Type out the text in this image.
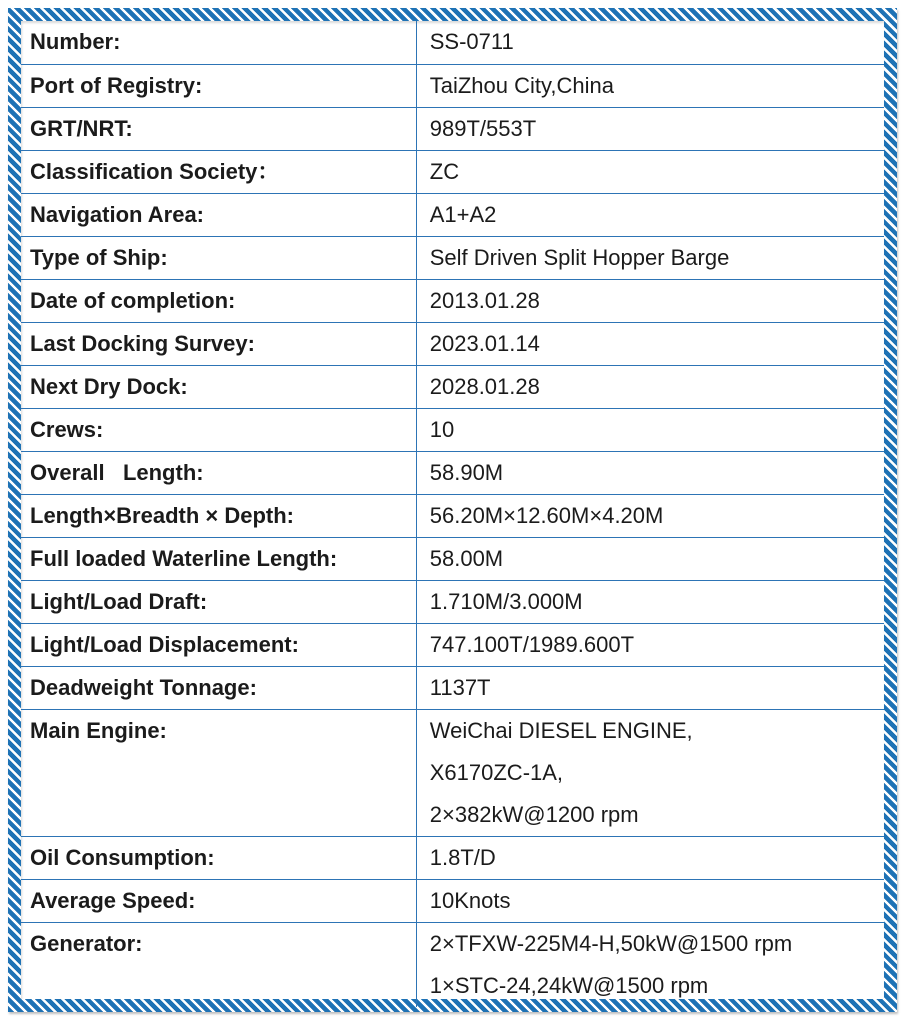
Number:	SS-0711
Port of Registry:	TaiZhou City,China
GRT/NRT:	989T/553T
Classification Society：	ZC
Navigation Area:	A1+A2
Type of Ship:	Self Driven Split Hopper Barge
Date of completion:	2013.01.28
Last Docking Survey:	2023.01.14
Next Dry Dock:	2028.01.28
Crews:	10
Overall   Length:	58.90M
Length×Breadth × Depth:	56.20M×12.60M×4.20M
Full loaded Waterline Length:	58.00M
Light/Load Draft:	1.710M/3.000M
Light/Load Displacement:	747.100T/1989.600T
Deadweight Tonnage:	1137T
Main Engine:	WeiChai DIESEL ENGINE,
X6170ZC-1A,
2×382kW@1200 rpm

Oil Consumption:	1.8T/D
Average Speed:	10Knots
Generator:	2×TFXW-225M4-H,50kW@1500 rpm
1×STC-24,24kW@1500 rpm
